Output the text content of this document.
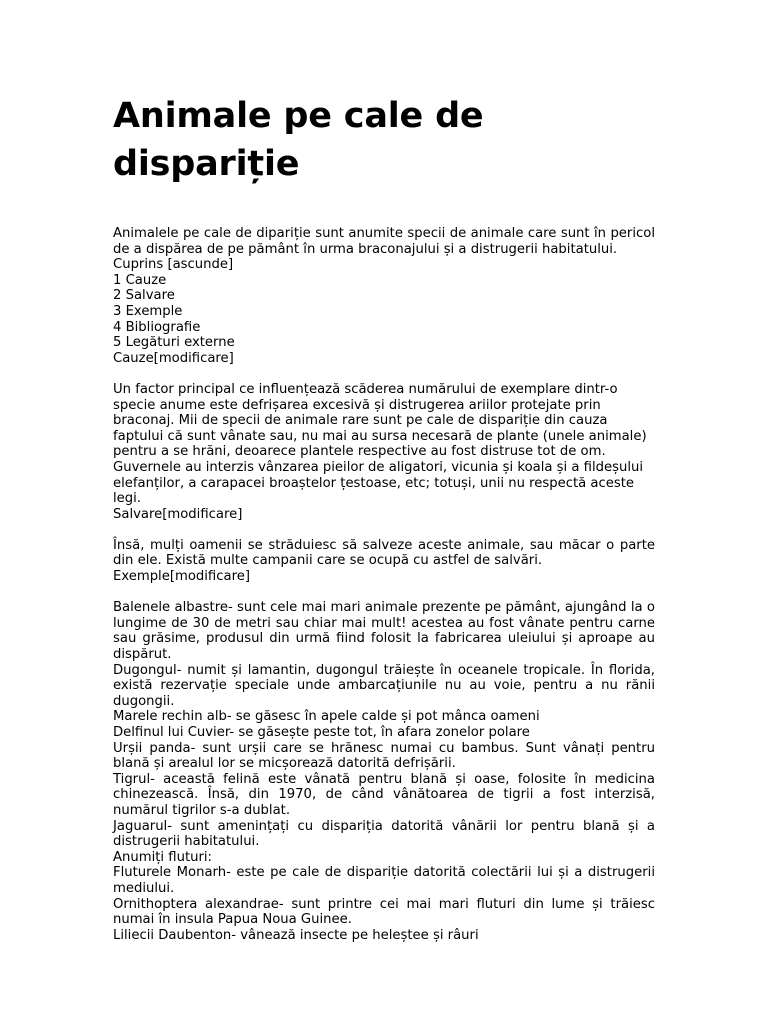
Animale pe cale de dispariție

Animalele pe cale de dipariție sunt anumite specii de animale care sunt în pericol de a dispărea de pe pământ în urma braconajului și a distrugerii habitatului.

Cuprins [ascunde]
1 Cauze
2 Salvare
3 Exemple
4 Bibliografie
5 Legături externe
Cauze[modificare]

Un factor principal ce influențează scăderea numărului de exemplare dintr-o specie anume este defrișarea excesivă și distrugerea ariilor protejate prin braconaj. Mii de specii de animale rare sunt pe cale de dispariție din cauza faptului că sunt vânate sau, nu mai au sursa necesară de plante (unele animale) pentru a se hrăni, deoarece plantele respective au fost distruse tot de om. Guvernele au interzis vânzarea pieilor de aligatori, vicunia și koala și a fildeșului elefanților, a carapacei broaștelor țestoase, etc; totuși, unii nu respectă aceste legi.

Salvare[modificare]

Însă, mulți oamenii se străduiesc să salveze aceste animale, sau măcar o parte din ele. Există multe campanii care se ocupă cu astfel de salvări.

Exemple[modificare]

Balenele albastre- sunt cele mai mari animale prezente pe pământ, ajungând la o lungime de 30 de metri sau chiar mai mult! acestea au fost vânate pentru carne sau grăsime, produsul din urmă fiind folosit la fabricarea uleiului și aproape au dispărut.

Dugongul- numit și lamantin, dugongul trăiește în oceanele tropicale. În florida, există rezervație speciale unde ambarcațiunile nu au voie, pentru a nu rănii dugongii.

Marele rechin alb- se găsesc în apele calde și pot mânca oameni

Delfinul lui Cuvier- se găsește peste tot, în afara zonelor polare

Urșii panda- sunt urșii care se hrănesc numai cu bambus. Sunt vânați pentru blană și arealul lor se micșorează datorită defrișării.

Tigrul- această felină este vânată pentru blană și oase, folosite în medicina chinezească. Însă, din 1970, de când vânătoarea de tigrii a fost interzisă, numărul tigrilor s-a dublat.

Jaguarul- sunt amenințați cu dispariția datorită vânării lor pentru blană și a distrugerii habitatului.

Anumiți fluturi:

Fluturele Monarh- este pe cale de dispariție datorită colectării lui și a distrugerii mediului.

Ornithoptera alexandrae- sunt printre cei mai mari fluturi din lume și trăiesc numai în insula Papua Noua Guinee.

Liliecii Daubenton- vânează insecte pe heleștee și râuri
